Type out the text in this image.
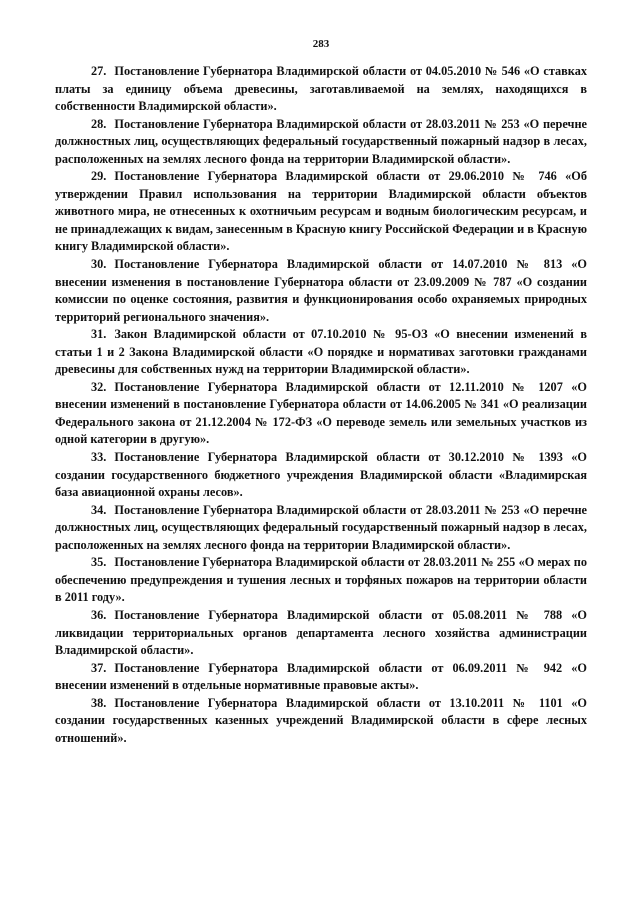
283

27. Постановление Губернатора Владимирской области от 04.05.2010 № 546 «О ставках платы за единицу объема древесины, заготавливаемой на землях, находящихся в собственности Владимирской области».

28. Постановление Губернатора Владимирской области от 28.03.2011 № 253 «О перечне должностных лиц, осуществляющих федеральный государственный пожарный надзор в лесах, расположенных на землях лесного фонда на территории Владимирской области».

29. Постановление Губернатора Владимирской области от 29.06.2010 № 746 «Об утверждении Правил использования на территории Владимирской области объектов животного мира, не отнесенных к охотничьим ресурсам и водным биологическим ресурсам, и не принадлежащих к видам, занесенным в Красную книгу Российской Федерации и в Красную книгу Владимирской области».

30. Постановление Губернатора Владимирской области от 14.07.2010 № 813 «О внесении изменения в постановление Губернатора области от 23.09.2009 № 787 «О создании комиссии по оценке состояния, развития и функционирования особо охраняемых природных территорий регионального значения».

31. Закон Владимирской области от 07.10.2010 № 95-ОЗ «О внесении изменений в статьи 1 и 2 Закона Владимирской области «О порядке и нормативах заготовки гражданами древесины для собственных нужд на территории Владимирской области».

32. Постановление Губернатора Владимирской области от 12.11.2010 № 1207 «О внесении изменений в постановление Губернатора области от 14.06.2005 № 341 «О реализации Федерального закона от 21.12.2004 № 172-ФЗ «О переводе земель или земельных участков из одной категории в другую».

33. Постановление Губернатора Владимирской области от 30.12.2010 № 1393 «О создании государственного бюджетного учреждения Владимирской области «Владимирская база авиационной охраны лесов».

34. Постановление Губернатора Владимирской области от 28.03.2011 № 253 «О перечне должностных лиц, осуществляющих федеральный государственный пожарный надзор в лесах, расположенных на землях лесного фонда на территории Владимирской области».

35. Постановление Губернатора Владимирской области от 28.03.2011 № 255 «О мерах по обеспечению предупреждения и тушения лесных и торфяных пожаров на территории области в 2011 году».

36. Постановление Губернатора Владимирской области от 05.08.2011 № 788 «О ликвидации территориальных органов департамента лесного хозяйства администрации Владимирской области».

37. Постановление Губернатора Владимирской области от 06.09.2011 № 942 «О внесении изменений в отдельные нормативные правовые акты».

38. Постановление Губернатора Владимирской области от 13.10.2011 № 1101 «О создании государственных казенных учреждений Владимирской области в сфере лесных отношений».
